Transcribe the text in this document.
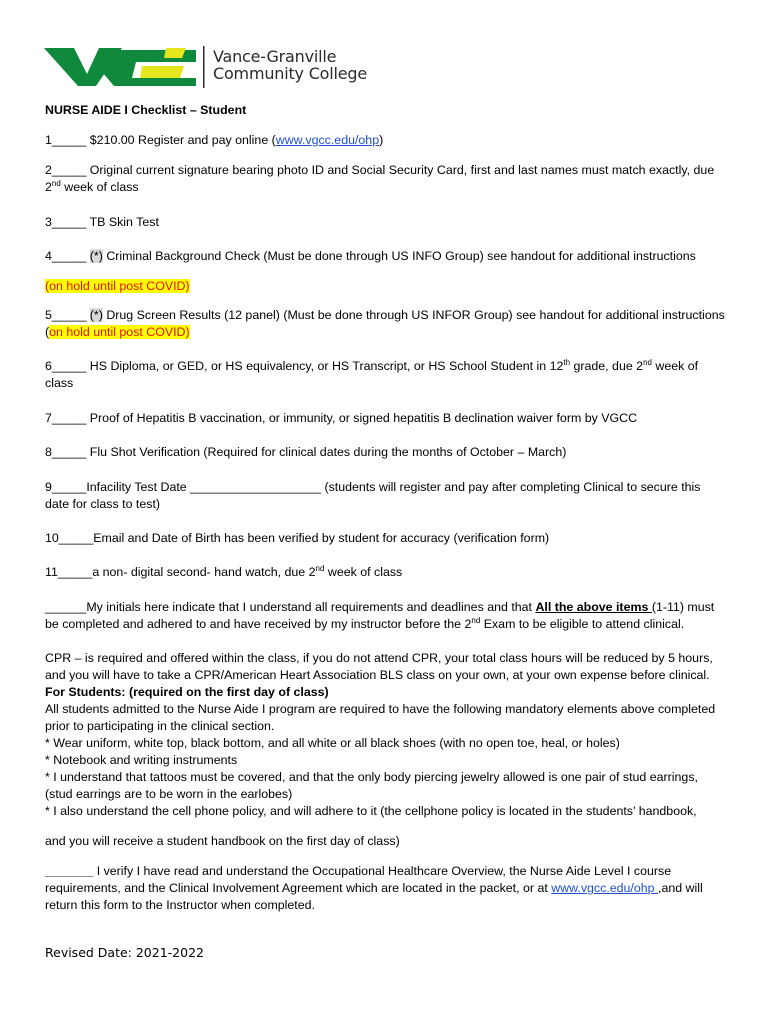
Vance-Granville
Community College
NURSE AIDE I Checklist – Student
1_____ $210.00 Register and pay online (www.vgcc.edu/ohp)
2_____ Original current signature bearing photo ID and Social Security Card, first and last names must match exactly, due 2nd week of class
3_____ TB Skin Test
4_____ (*) Criminal Background Check (Must be done through US INFO Group) see handout for additional instructions
(on hold until post COVID)
5_____ (*) Drug Screen Results (12 panel) (Must be done through US INFOR Group) see handout for additional instructions (on hold until post COVID)
6_____ HS Diploma, or GED, or HS equivalency, or HS Transcript, or HS School Student in 12th grade, due 2nd week of class
7_____ Proof of Hepatitis B vaccination, or immunity, or signed hepatitis B declination waiver form by VGCC
8_____ Flu Shot Verification (Required for clinical dates during the months of October – March)
9_____Infacility Test Date ___________________ (students will register and pay after completing Clinical to secure this date for class to test)
10_____Email and Date of Birth has been verified by student for accuracy (verification form)
11_____a non- digital second- hand watch, due 2nd week of class
______My initials here indicate that I understand all requirements and deadlines and that All the above items (1-11) must be completed and adhered to and have received by my instructor before the 2nd Exam to be eligible to attend clinical.
CPR – is required and offered within the class, if you do not attend CPR, your total class hours will be reduced by 5 hours, and you will have to take a CPR/American Heart Association BLS class on your own, at your own expense before clinical.
For Students: (required on the first day of class)
All students admitted to the Nurse Aide I program are required to have the following mandatory elements above completed prior to participating in the clinical section.
* Wear uniform, white top, black bottom, and all white or all black shoes (with no open toe, heal, or holes)
* Notebook and writing instruments
* I understand that tattoos must be covered, and that the only body piercing jewelry allowed is one pair of stud earrings, (stud earrings are to be worn in the earlobes)
* I also understand the cell phone policy, and will adhere to it (the cellphone policy is located in the students’ handbook,
and you will receive a student handbook on the first day of class)
_______ I verify I have read and understand the Occupational Healthcare Overview, the Nurse Aide Level I course requirements, and the Clinical Involvement Agreement which are located in the packet, or at www.vgcc.edu/ohp ,and will return this form to the Instructor when completed.
Revised Date: 2021-2022
